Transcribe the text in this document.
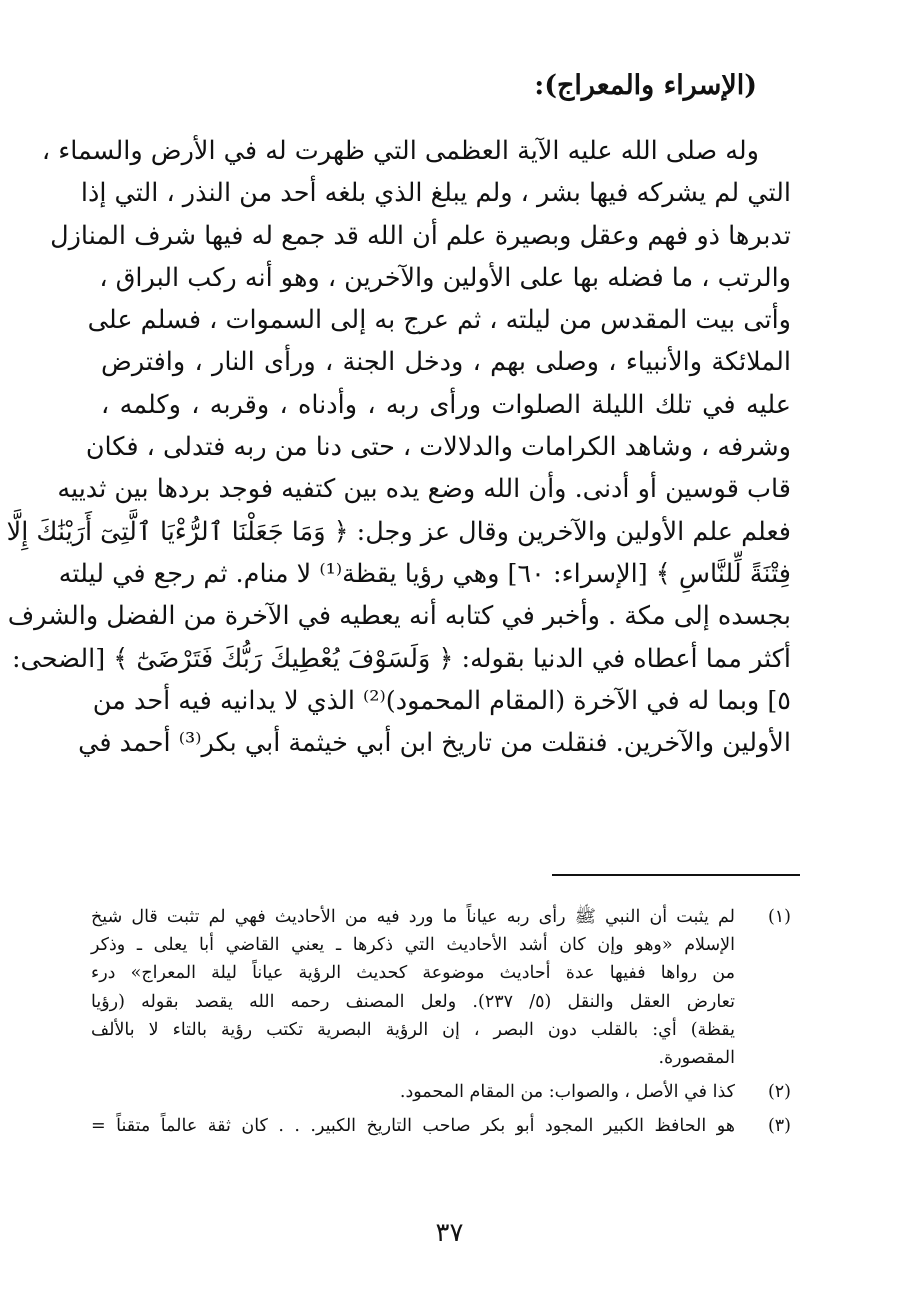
(الإسراء والمعراج):
وله صلى الله عليه الآية العظمى التي ظهرت له في الأرض والسماء ،
التي لم يشركه فيها بشر ، ولم يبلغ الذي بلغه أحد من النذر ، التي إذا
تدبرها ذو فهم وعقل وبصيرة علم أن الله قد جمع له فيها شرف المنازل
والرتب ، ما فضله بها على الأولين والآخرين ، وهو أنه ركب البراق ،
وأتى بيت المقدس من ليلته ، ثم عرج به إلى السموات ، فسلم على
الملائكة والأنبياء ، وصلى بهم ، ودخل الجنة ، ورأى النار ، وافترض
عليه في تلك الليلة الصلوات ورأى ربه ، وأدناه ، وقربه ، وكلمه ،
وشرفه ، وشاهد الكرامات والدلالات ، حتى دنا من ربه فتدلى ، فكان
قاب قوسين أو أدنى. وأن الله وضع يده بين كتفيه فوجد بردها بين ثدييه
فعلم علم الأولين والآخرين وقال عز وجل: ﴿ وَمَا جَعَلْنَا ٱلرُّءْيَا ٱلَّتِىٓ أَرَيْنَٰكَ إِلَّا
فِتْنَةً لِّلنَّاسِ ﴾ [الإسراء: ٦٠] وهي رؤيا يقظة⁽¹⁾ لا منام. ثم رجع في ليلته
بجسده إلى مكة . وأخبر في كتابه أنه يعطيه في الآخرة من الفضل والشرف
أكثر مما أعطاه في الدنيا بقوله: ﴿ وَلَسَوْفَ يُعْطِيكَ رَبُّكَ فَتَرْضَىٰٓ ﴾ [الضحى:
٥] وبما له في الآخرة (المقام المحمود)⁽²⁾ الذي لا يدانيه فيه أحد من
الأولين والآخرين. فنقلت من تاريخ ابن أبي خيثمة أبي بكر⁽³⁾ أحمد في
(١)
لم يثبت أن النبي ﷺ رأى ربه عياناً ما ورد فيه من الأحاديث فهي لم تثبت قال شيخ
الإسلام «وهو وإن كان أشد الأحاديث التي ذكرها ـ يعني القاضي أبا يعلى ـ وذكر
من رواها ففيها عدة أحاديث موضوعة كحديث الرؤية عياناً ليلة المعراج» درء
تعارض العقل والنقل (٥/ ٢٣٧). ولعل المصنف رحمه الله يقصد بقوله (رؤيا
يقظة) أي: بالقلب دون البصر ، إن الرؤية البصرية تكتب رؤية بالتاء لا بالألف
المقصورة.
(٢)
كذا في الأصل ، والصواب: من المقام المحمود.
(٣)
هو الحافظ الكبير المجود أبو بكر صاحب التاريخ الكبير. . . كان ثقة عالماً متقناً =
٣٧
